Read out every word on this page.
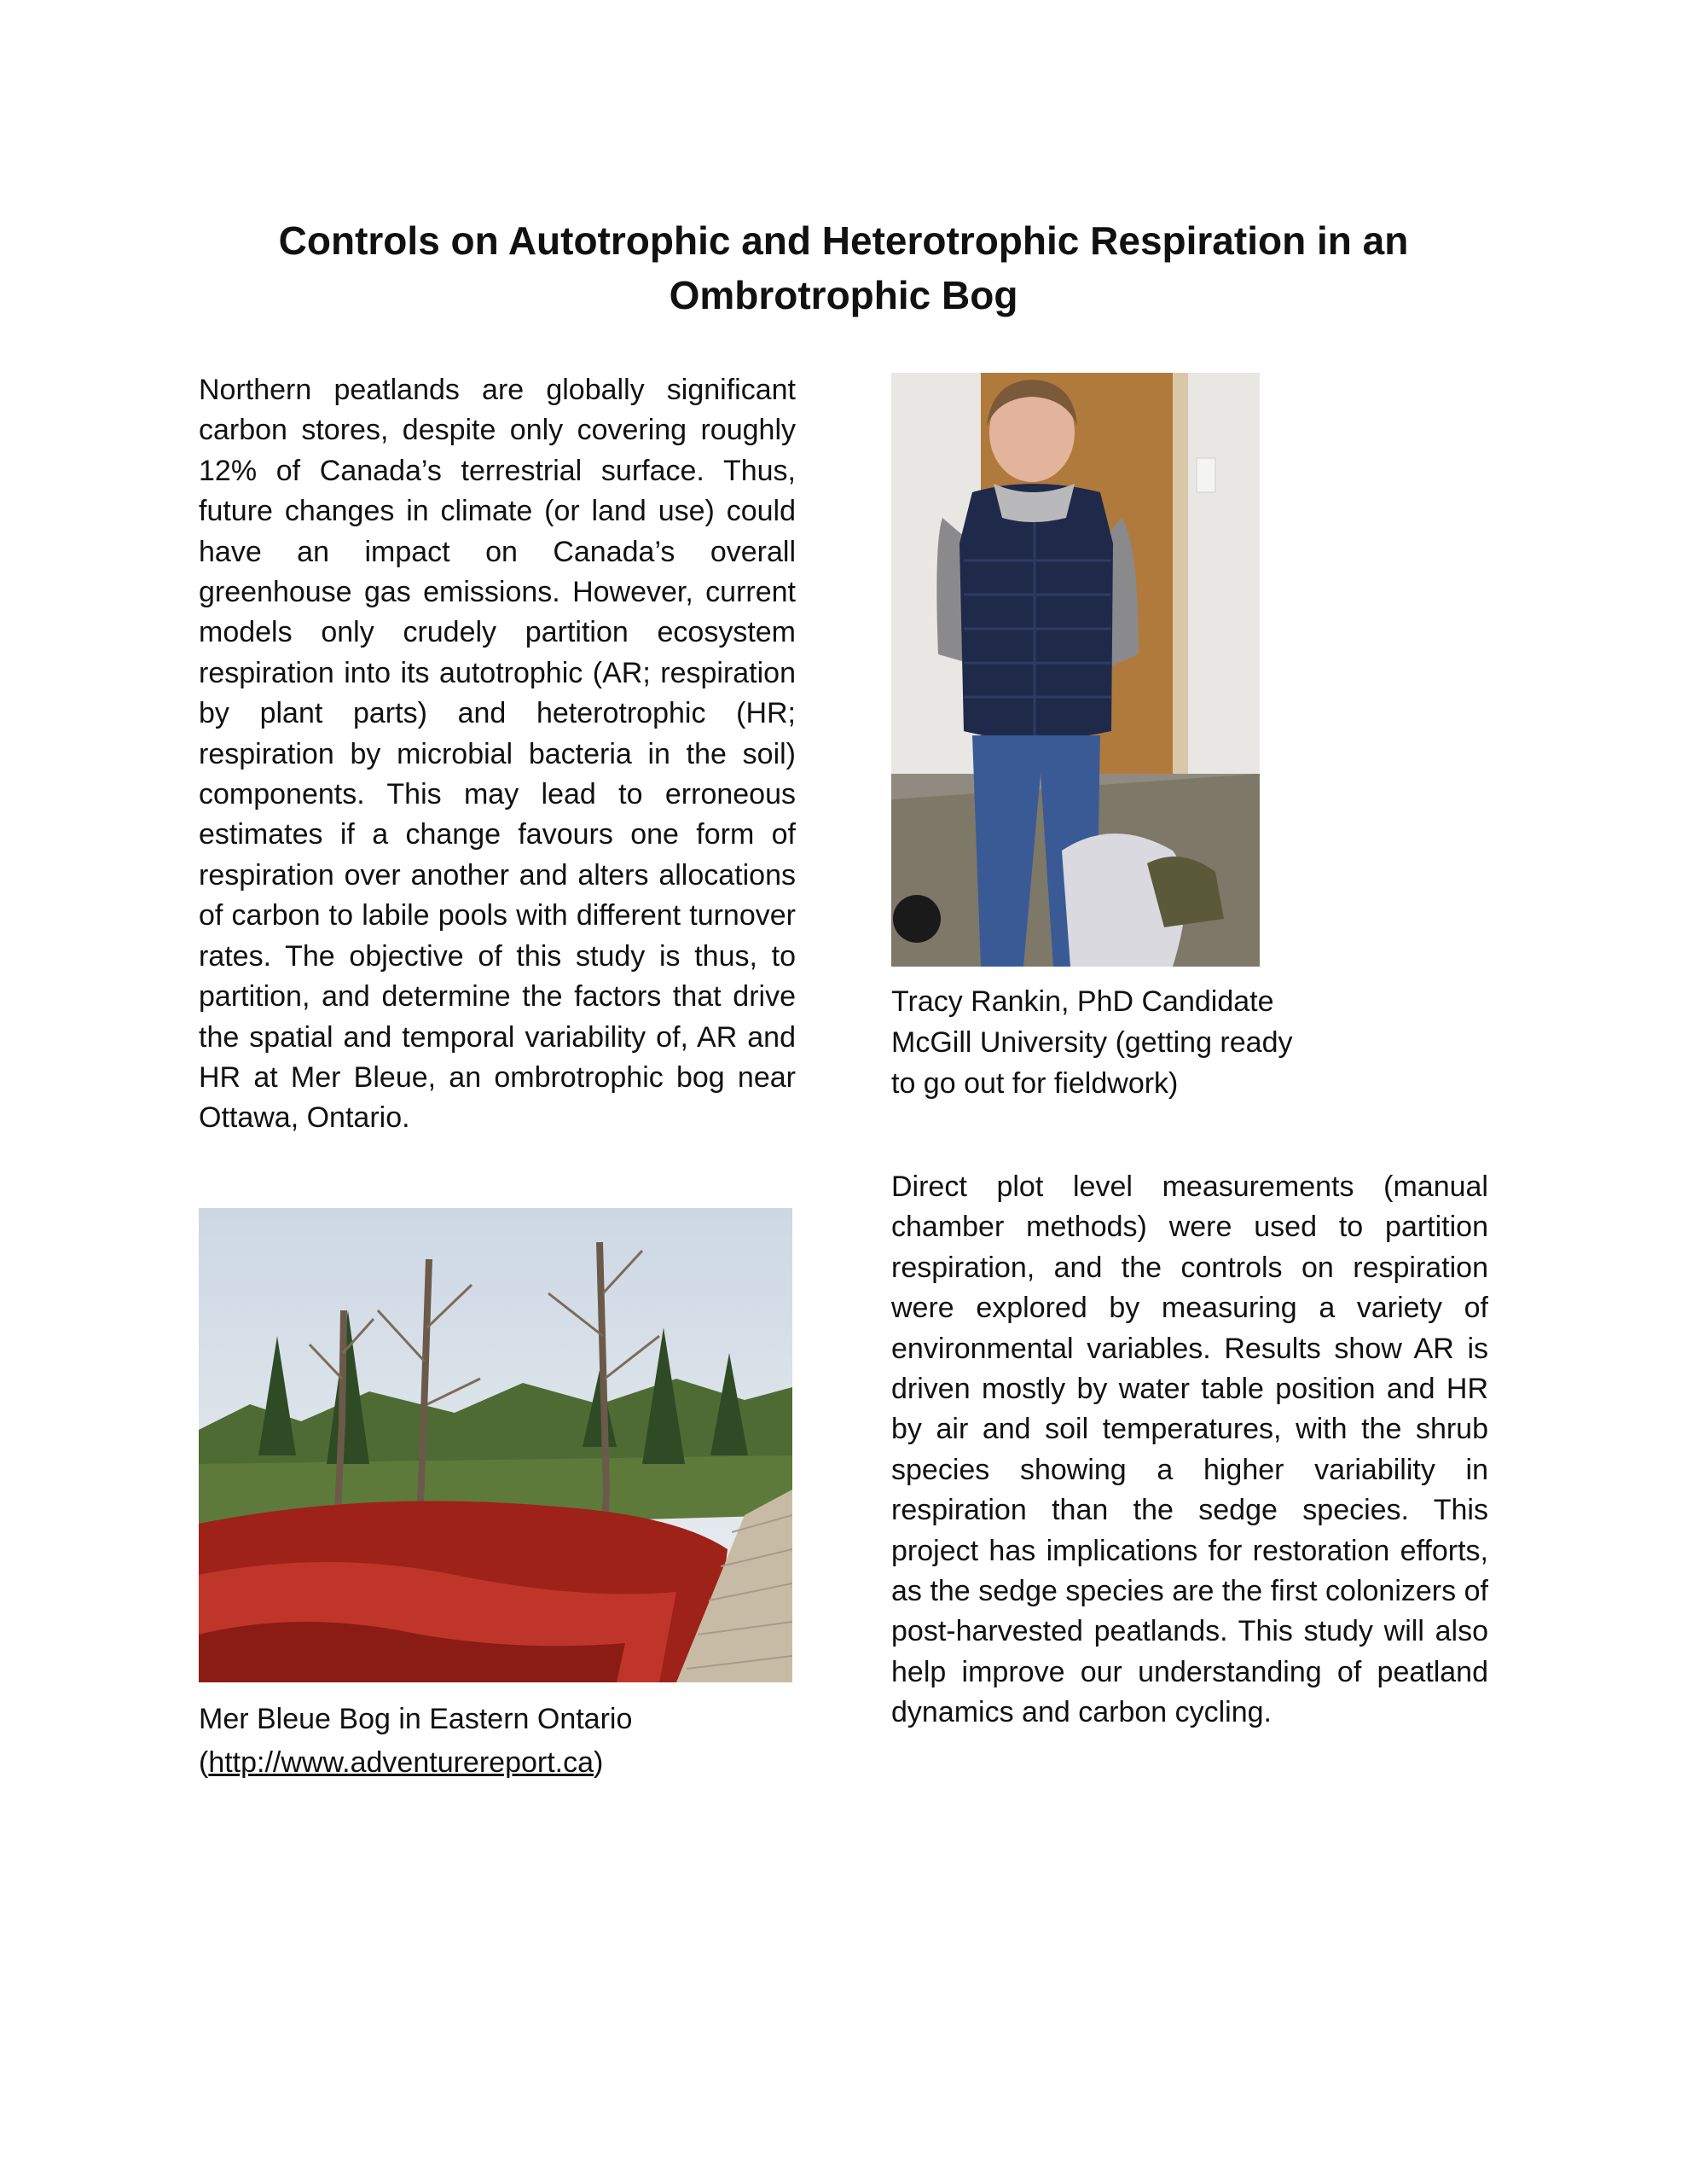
Controls on Autotrophic and Heterotrophic Respiration in an
Ombrotrophic Bog

Northern peatlands are globally significant carbon stores, despite only covering roughly 12% of Canada’s terrestrial surface. Thus, future changes in climate (or land use) could have an impact on Canada’s overall greenhouse gas emissions. However, current models only crudely partition ecosystem respiration into its autotrophic (AR; respiration by plant parts) and heterotrophic (HR; respiration by microbial bacteria in the soil) components. This may lead to erroneous estimates if a change favours one form of respiration over another and alters allocations of carbon to labile pools with different turnover rates. The objective of this study is thus, to partition, and determine the factors that drive the spatial and temporal variability of, AR and HR at Mer Bleue, an ombrotrophic bog near Ottawa, Ontario.

Tracy Rankin, PhD Candidate
McGill University (getting ready
to go out for fieldwork)
Mer Bleue Bog in Eastern Ontario
(http://www.adventurereport.ca)

Direct plot level measurements (manual chamber methods) were used to partition respiration, and the controls on respiration were explored by measuring a variety of environmental variables. Results show AR is driven mostly by water table position and HR by air and soil temperatures, with the shrub species showing a higher variability in respiration than the sedge species. This project has implications for restoration efforts, as the sedge species are the first colonizers of post-harvested peatlands. This study will also help improve our understanding of peatland dynamics and carbon cycling.
